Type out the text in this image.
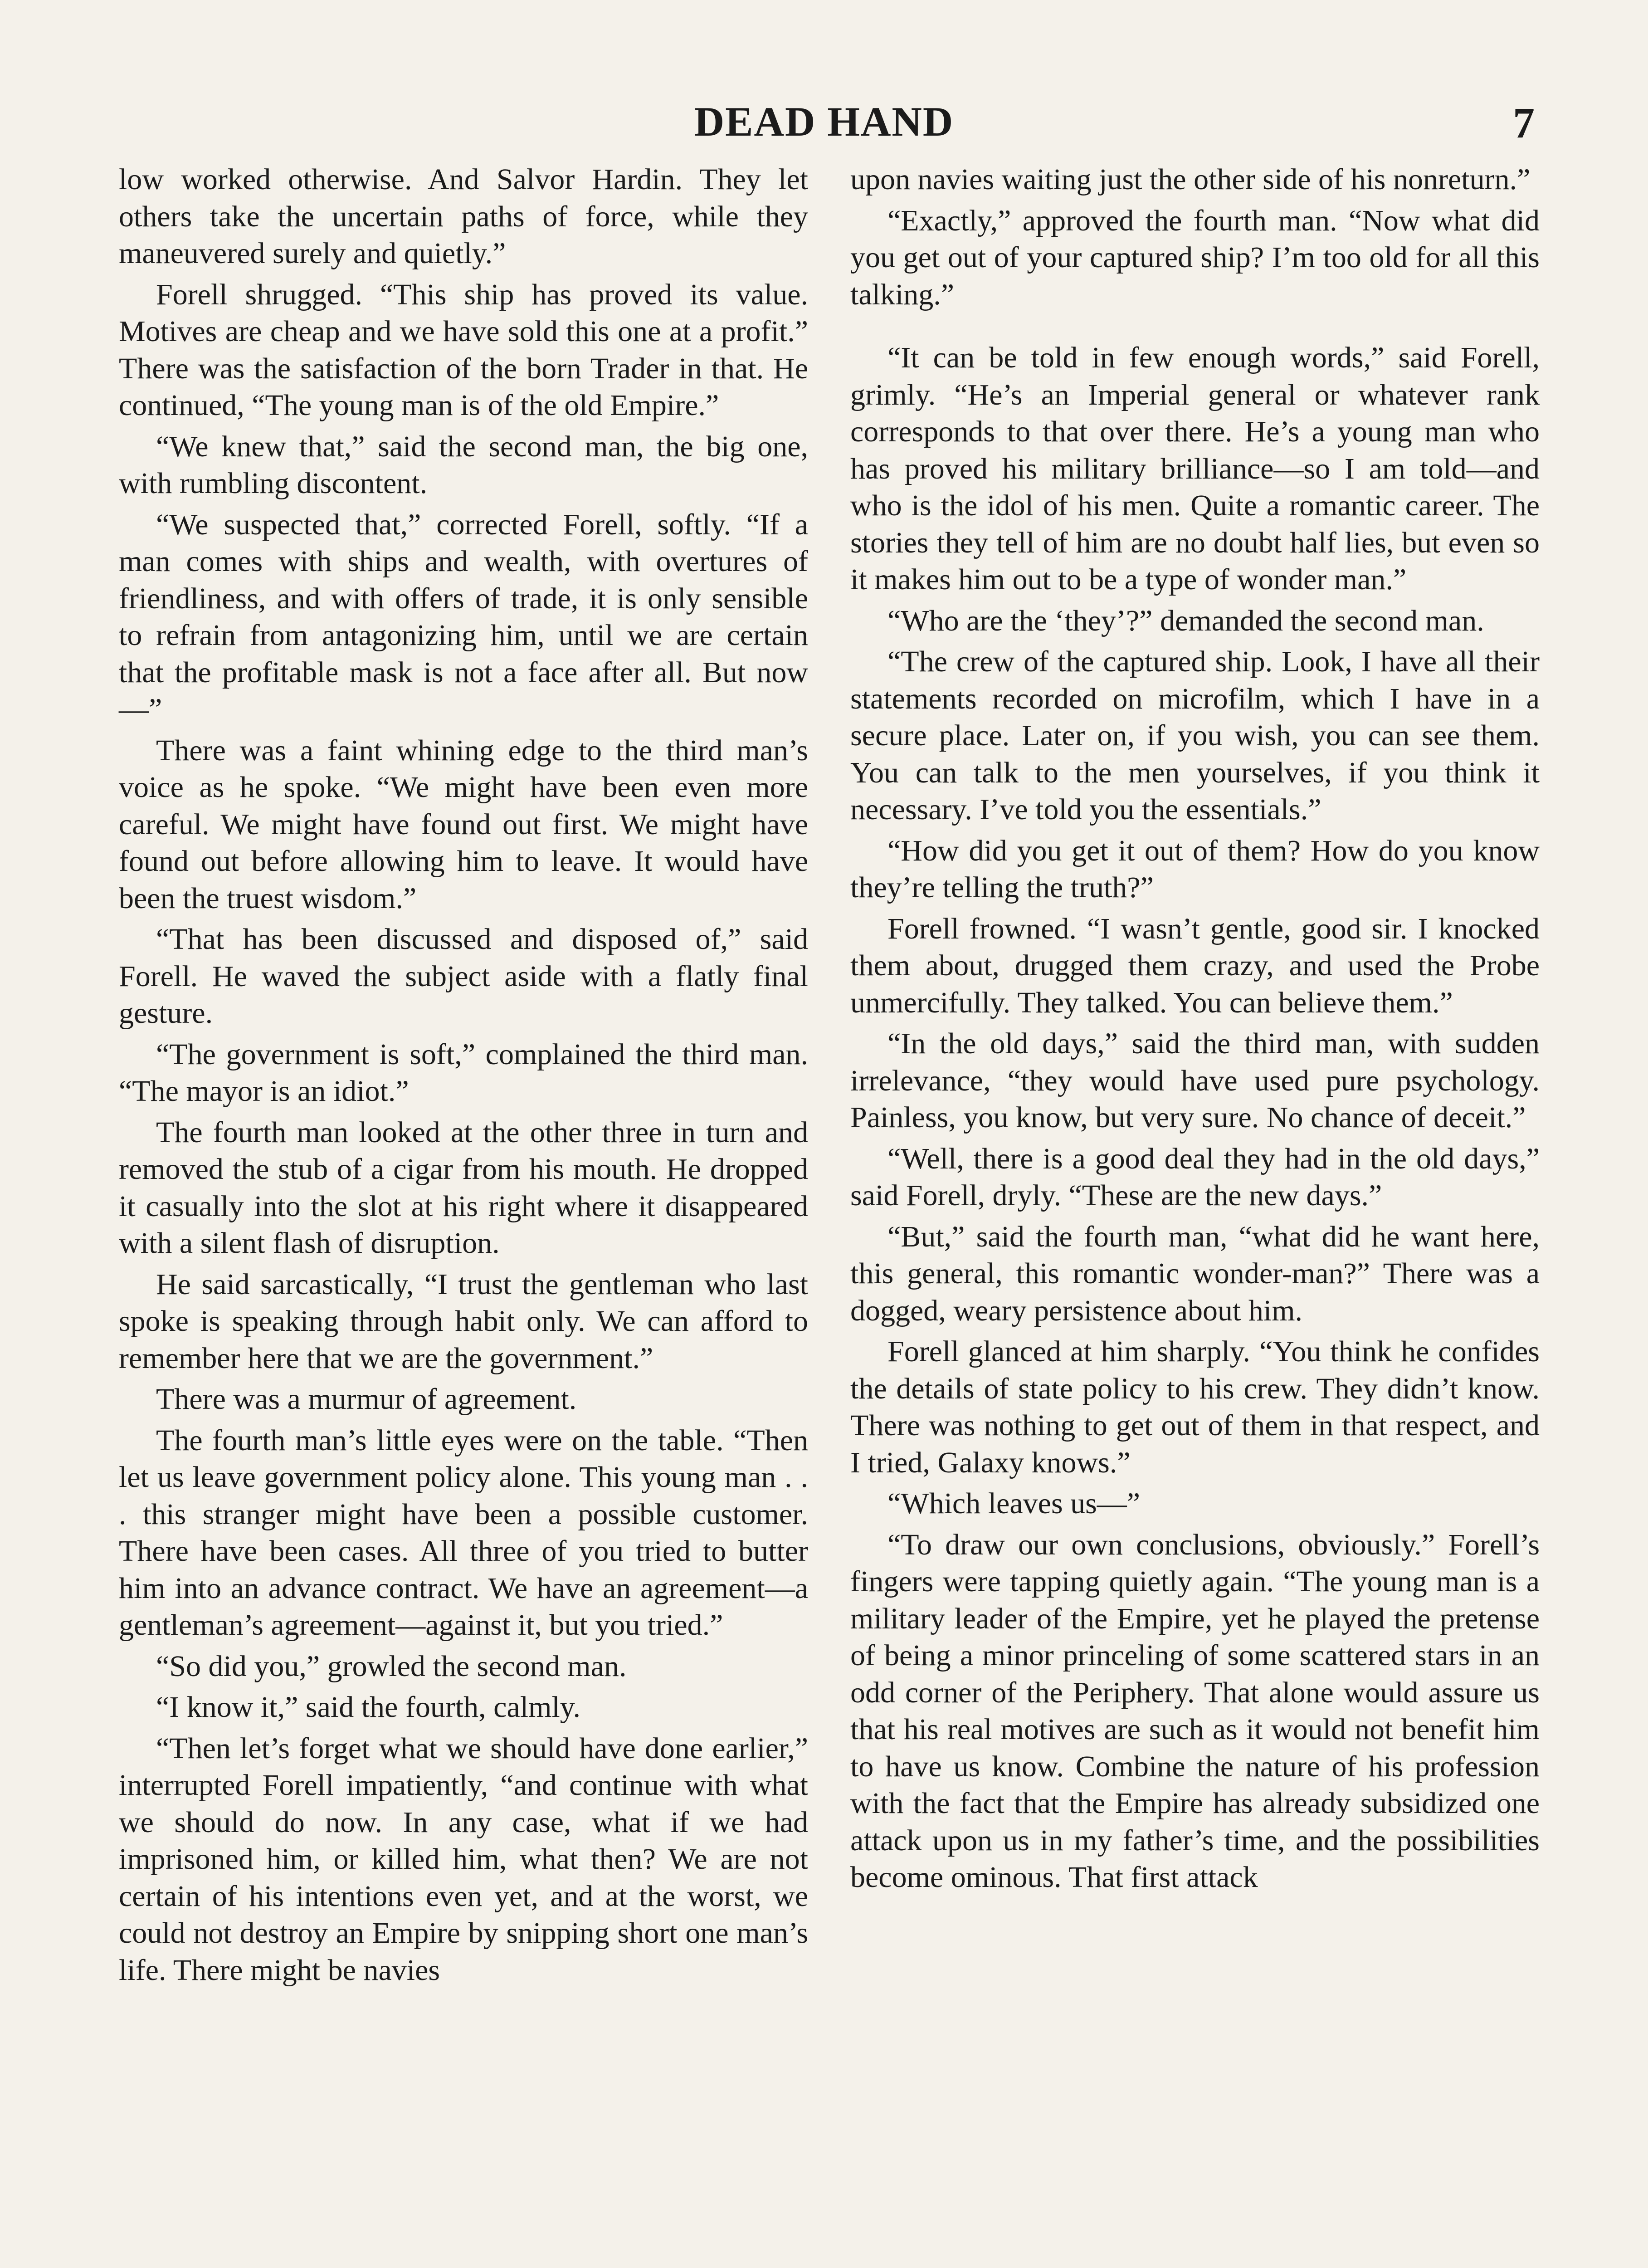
DEAD HAND	7

low worked otherwise. And Salvor Hardin. They let others take the uncertain paths of force, while they maneuvered surely and quietly.”

Forell shrugged. “This ship has proved its value. Motives are cheap and we have sold this one at a profit.” There was the satisfaction of the born Trader in that. He continued, “The young man is of the old Empire.”

“We knew that,” said the second man, the big one, with rumbling discontent.

“We suspected that,” corrected Forell, softly. “If a man comes with ships and wealth, with overtures of friendliness, and with offers of trade, it is only sensible to refrain from antagonizing him, until we are certain that the profitable mask is not a face after all. But now—”

There was a faint whining edge to the third man’s voice as he spoke. “We might have been even more careful. We might have found out first. We might have found out before allowing him to leave. It would have been the truest wisdom.”

“That has been discussed and disposed of,” said Forell. He waved the subject aside with a flatly final gesture.

“The government is soft,” complained the third man. “The mayor is an idiot.”

The fourth man looked at the other three in turn and removed the stub of a cigar from his mouth. He dropped it casually into the slot at his right where it disappeared with a silent flash of disruption.

He said sarcastically, “I trust the gentleman who last spoke is speaking through habit only. We can afford to remember here that we are the government.”

There was a murmur of agreement.

The fourth man’s little eyes were on the table. “Then let us leave government policy alone. This young man . . . this stranger might have been a possible customer. There have been cases. All three of you tried to butter him into an advance contract. We have an agreement—a gentleman’s agreement—against it, but you tried.”

“So did you,” growled the second man.

“I know it,” said the fourth, calmly.

“Then let’s forget what we should have done earlier,” interrupted Forell impatiently, “and continue with what we should do now. In any case, what if we had imprisoned him, or killed him, what then? We are not certain of his intentions even yet, and at the worst, we could not destroy an Empire by snipping short one man’s life. There might be navies

upon navies waiting just the other side of his nonreturn.”

“Exactly,” approved the fourth man. “Now what did you get out of your captured ship? I’m too old for all this talking.”

“It can be told in few enough words,” said Forell, grimly. “He’s an Imperial general or whatever rank corresponds to that over there. He’s a young man who has proved his military brilliance—so I am told—and who is the idol of his men. Quite a romantic career. The stories they tell of him are no doubt half lies, but even so it makes him out to be a type of wonder man.”

“Who are the ‘they’?” demanded the second man.

“The crew of the captured ship. Look, I have all their statements recorded on microfilm, which I have in a secure place. Later on, if you wish, you can see them. You can talk to the men yourselves, if you think it necessary. I’ve told you the essentials.”

“How did you get it out of them? How do you know they’re telling the truth?”

Forell frowned. “I wasn’t gentle, good sir. I knocked them about, drugged them crazy, and used the Probe unmercifully. They talked. You can believe them.”

“In the old days,” said the third man, with sudden irrelevance, “they would have used pure psychology. Painless, you know, but very sure. No chance of deceit.”

“Well, there is a good deal they had in the old days,” said Forell, dryly. “These are the new days.”

“But,” said the fourth man, “what did he want here, this general, this romantic wonder-man?” There was a dogged, weary persistence about him.

Forell glanced at him sharply. “You think he confides the details of state policy to his crew. They didn’t know. There was nothing to get out of them in that respect, and I tried, Galaxy knows.”

“Which leaves us—”

“To draw our own conclusions, obviously.” Forell’s fingers were tapping quietly again. “The young man is a military leader of the Empire, yet he played the pretense of being a minor princeling of some scattered stars in an odd corner of the Periphery. That alone would assure us that his real motives are such as it would not benefit him to have us know. Combine the nature of his profession with the fact that the Empire has already subsidized one attack upon us in my father’s time, and the possibilities become ominous. That first attack
